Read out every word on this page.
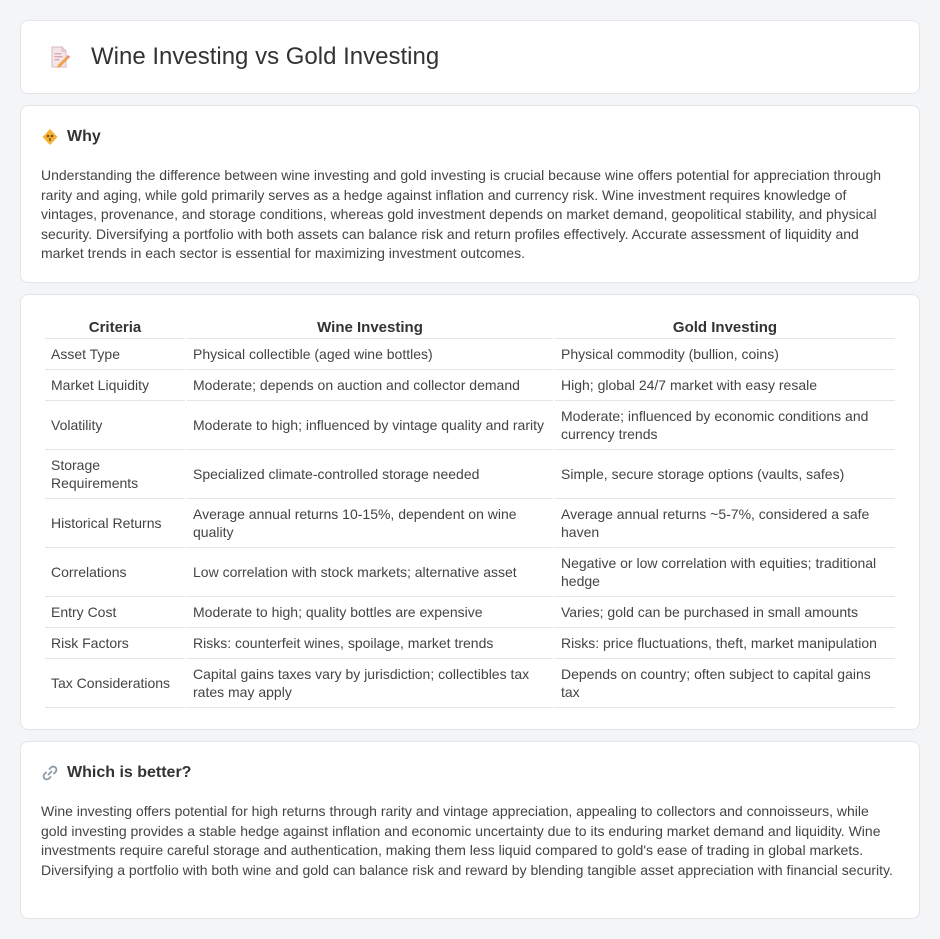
Wine Investing vs Gold Investing
Why

Understanding the difference between wine investing and gold investing is crucial because wine offers potential for appreciation through rarity and aging, while gold primarily serves as a hedge against inflation and currency risk. Wine investment requires knowledge of vintages, provenance, and storage conditions, whereas gold investment depends on market demand, geopolitical stability, and physical security. Diversifying a portfolio with both assets can balance risk and return profiles effectively. Accurate assessment of liquidity and market trends in each sector is essential for maximizing investment outcomes.

Criteria	Wine Investing	Gold Investing
Asset Type	Physical collectible (aged wine bottles)	Physical commodity (bullion, coins)
Market Liquidity	Moderate; depends on auction and collector demand	High; global 24/7 market with easy resale
Volatility	Moderate to high; influenced by vintage quality and rarity	Moderate; influenced by economic conditions and currency trends
Storage Requirements	Specialized climate-controlled storage needed	Simple, secure storage options (vaults, safes)
Historical Returns	Average annual returns 10-15%, dependent on wine quality	Average annual returns ~5-7%, considered a safe haven
Correlations	Low correlation with stock markets; alternative asset	Negative or low correlation with equities; traditional hedge
Entry Cost	Moderate to high; quality bottles are expensive	Varies; gold can be purchased in small amounts
Risk Factors	Risks: counterfeit wines, spoilage, market trends	Risks: price fluctuations, theft, market manipulation
Tax Considerations	Capital gains taxes vary by jurisdiction; collectibles tax rates may apply	Depends on country; often subject to capital gains tax
Which is better?

Wine investing offers potential for high returns through rarity and vintage appreciation, appealing to collectors and connoisseurs, while gold investing provides a stable hedge against inflation and economic uncertainty due to its enduring market demand and liquidity. Wine investments require careful storage and authentication, making them less liquid compared to gold's ease of trading in global markets. Diversifying a portfolio with both wine and gold can balance risk and reward by blending tangible asset appreciation with financial security.
